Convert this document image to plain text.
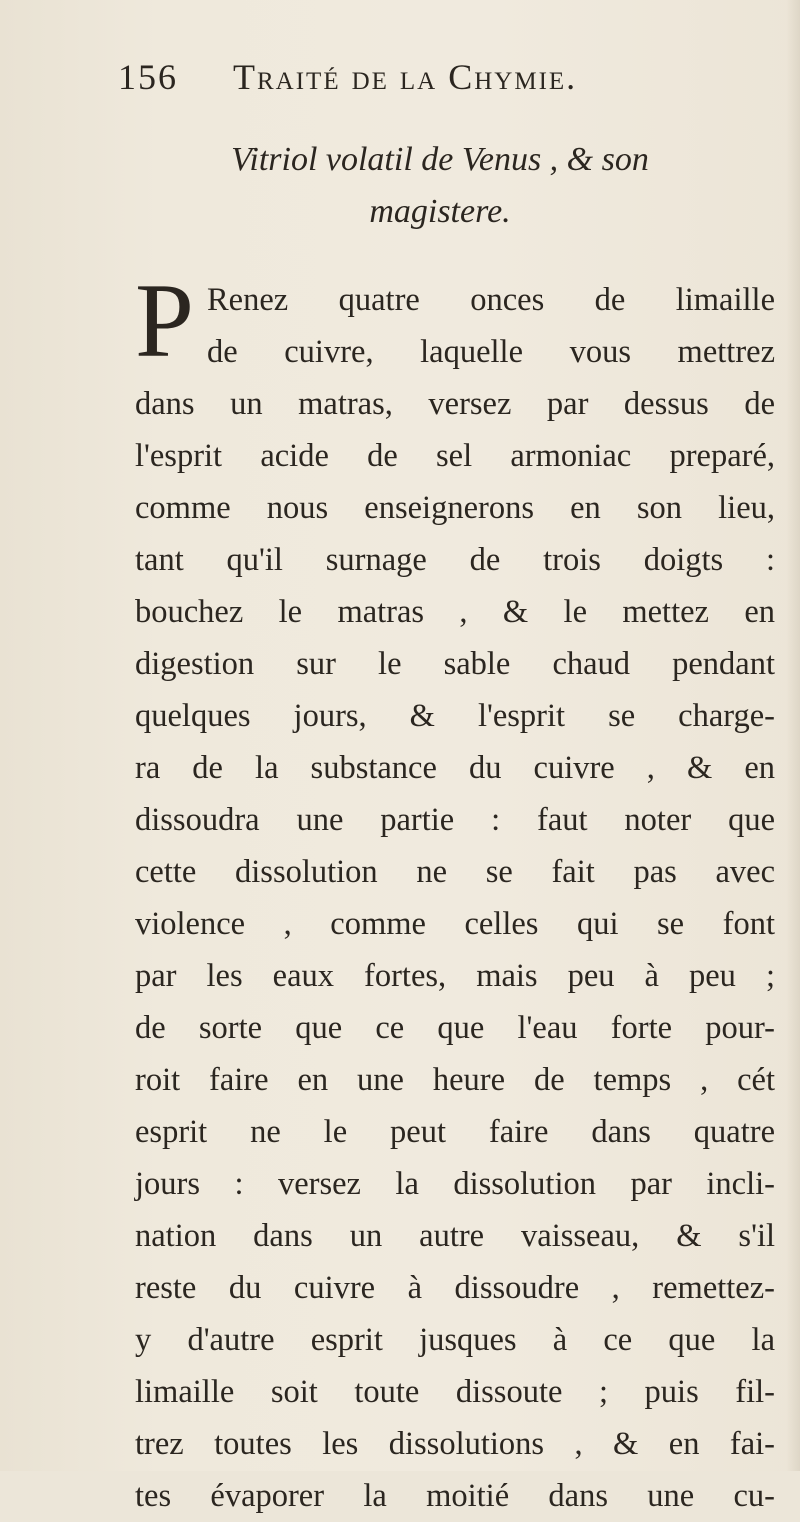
156 Traité de la Chymie.
Vitriol volatil de Venus , & son
magistere.
P Renez quatre onces de limaille
de cuivre, laquelle vous mettrez
dans un matras, versez par dessus de
l'esprit acide de sel armoniac preparé,
comme nous enseignerons en son lieu,
tant qu'il surnage de trois doigts :
bouchez le matras , & le mettez en
digestion sur le sable chaud pendant
quelques jours, & l'esprit se charge-
ra de la substance du cuivre , & en
dissoudra une partie : faut noter que
cette dissolution ne se fait pas avec
violence , comme celles qui se font
par les eaux fortes, mais peu à peu ;
de sorte que ce que l'eau forte pour-
roit faire en une heure de temps , cét
esprit ne le peut faire dans quatre
jours : versez la dissolution par incli-
nation dans un autre vaisseau, & s'il
reste du cuivre à dissoudre , remettez-
y d'autre esprit jusques à ce que la
limaille soit toute dissoute ; puis fil-
trez toutes les dissolutions , & en fai-
tes évaporer la moitié dans une cu-
